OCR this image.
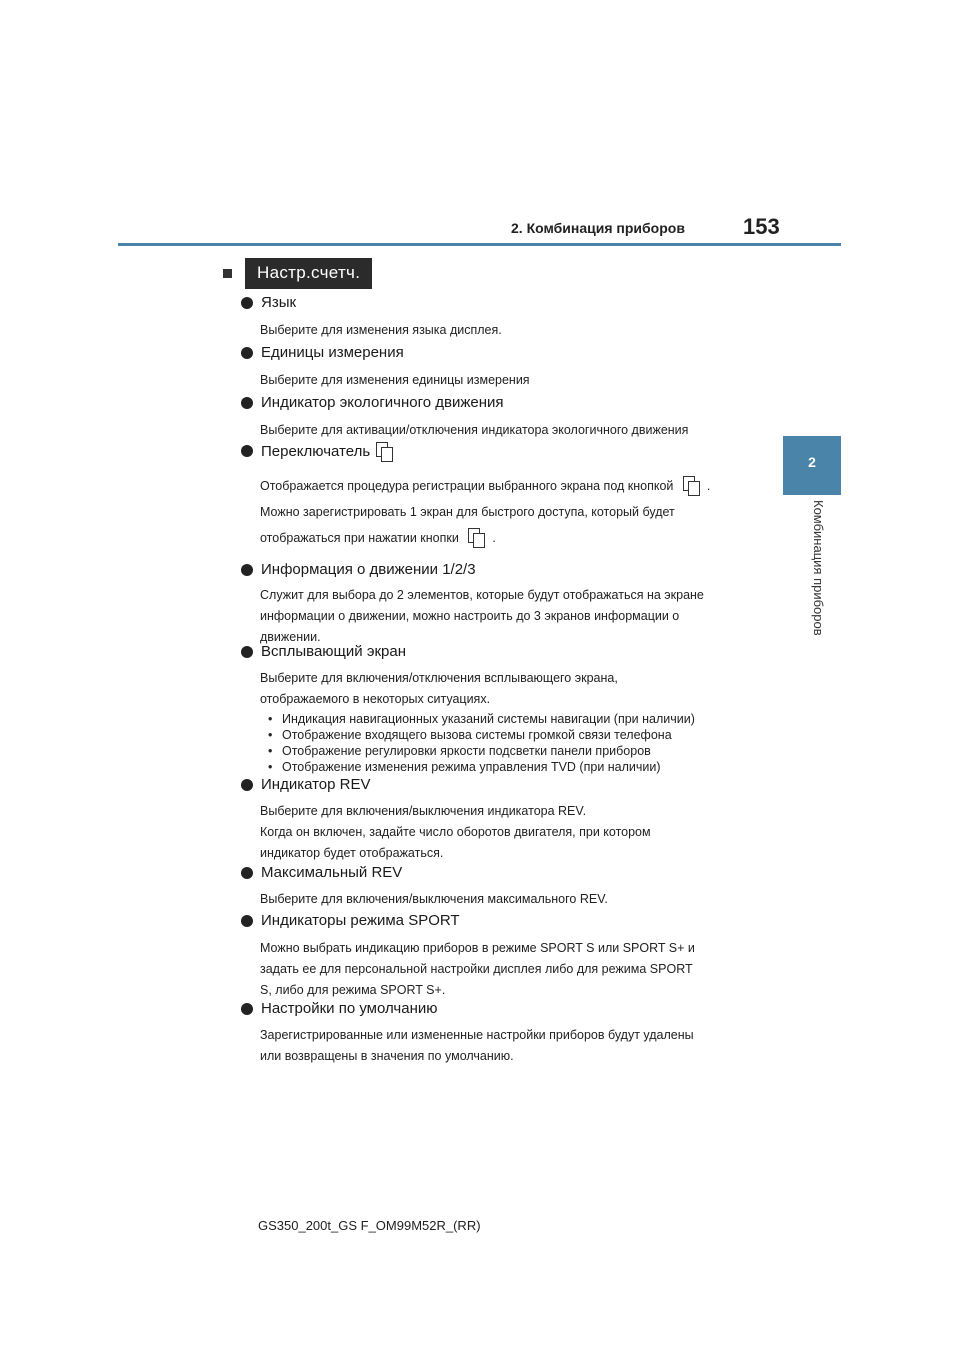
2. Комбинация приборов	153
2
Комбинация приборов
Настр.счетч.
Язык

Выберите для изменения языка дисплея.

Единицы измерения

Выберите для изменения единицы измерения

Индикатор экологичного движения

Выберите для активации/отключения индикатора экологичного движения

Переключатель

Отображается процедура регистрации выбранного экрана под кнопкой	.

Можно зарегистрировать 1 экран для быстрого доступа, который будет

отображаться при нажатии кнопки	.

Информация о движении 1/2/3

Служит для выбора до 2 элементов, которые будут отображаться на экране

информации о движении, можно настроить до 3 экранов информации о

движении.

Всплывающий экран

Выберите для включения/отключения всплывающего экрана,

отображаемого в некоторых ситуациях.

• Индикация навигационных указаний системы навигации (при наличии)
• Отображение входящего вызова системы громкой связи телефона
• Отображение регулировки яркости подсветки панели приборов
• Отображение изменения режима управления TVD (при наличии)
Индикатор REV

Выберите для включения/выключения индикатора REV.

Когда он включен, задайте число оборотов двигателя, при котором

индикатор будет отображаться.

Максимальный REV

Выберите для включения/выключения максимального REV.

Индикаторы режима SPORT

Можно выбрать индикацию приборов в режиме SPORT S или SPORT S+ и

задать ее для персональной настройки дисплея либо для режима SPORT

S, либо для режима SPORT S+.

Настройки по умолчанию

Зарегистрированные или измененные настройки приборов будут удалены

или возвращены в значения по умолчанию.

GS350_200t_GS F_OM99M52R_(RR)
